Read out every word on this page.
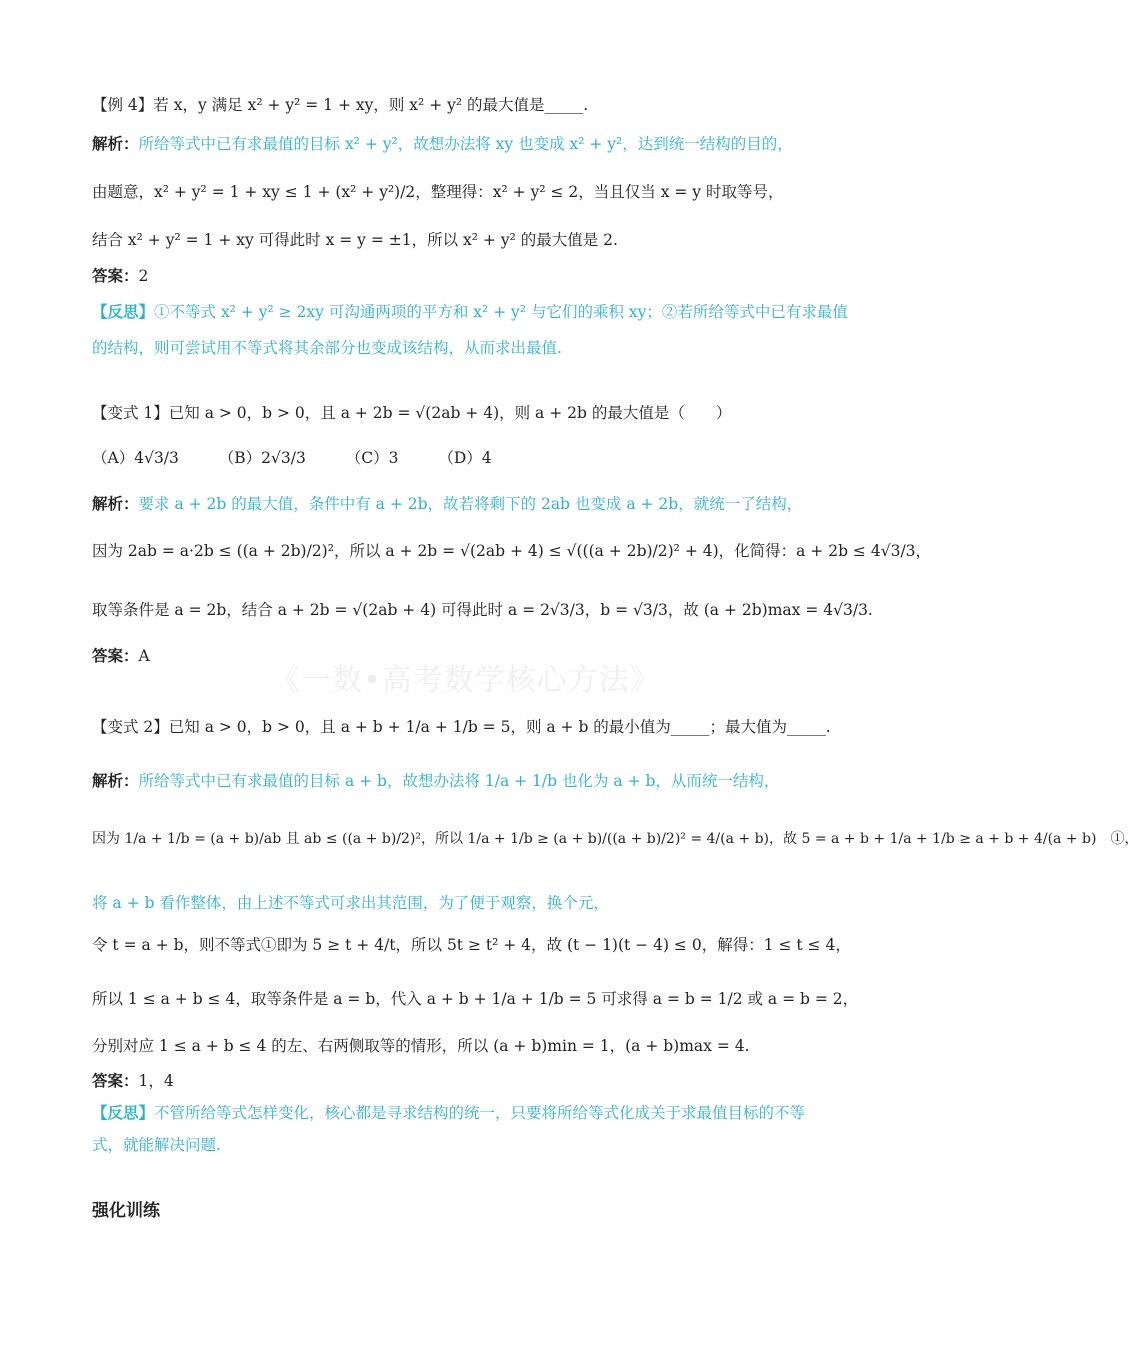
【例 4】若 x，y 满足 x² + y² = 1 + xy，则 x² + y² 的最大值是_____.
解析：所给等式中已有求最值的目标 x² + y²，故想办法将 xy 也变成 x² + y²，达到统一结构的目的，
由题意，x² + y² = 1 + xy ≤ 1 + (x² + y²)/2，整理得：x² + y² ≤ 2，当且仅当 x = y 时取等号，
结合 x² + y² = 1 + xy 可得此时 x = y = ±1，所以 x² + y² 的最大值是 2.
答案：2
【反思】①不等式 x² + y² ≥ 2xy 可沟通两项的平方和 x² + y² 与它们的乘积 xy；②若所给等式中已有求最值
的结构，则可尝试用不等式将其余部分也变成该结构，从而求出最值.
【变式 1】已知 a > 0，b > 0，且 a + 2b = √(2ab + 4)，则 a + 2b 的最大值是（　　）
（A）4√3/3	（B）2√3/3	（C）3	（D）4
解析：要求 a + 2b 的最大值，条件中有 a + 2b，故若将剩下的 2ab 也变成 a + 2b，就统一了结构，
因为 2ab = a·2b ≤ ((a + 2b)/2)²，所以 a + 2b = √(2ab + 4) ≤ √(((a + 2b)/2)² + 4)，化简得：a + 2b ≤ 4√3/3，
取等条件是 a = 2b，结合 a + 2b = √(2ab + 4) 可得此时 a = 2√3/3，b = √3/3，故 (a + 2b)max = 4√3/3.
答案：A
《一数•高考数学核心方法》
【变式 2】已知 a > 0，b > 0，且 a + b + 1/a + 1/b = 5，则 a + b 的最小值为_____；最大值为_____.
解析：所给等式中已有求最值的目标 a + b，故想办法将 1/a + 1/b 也化为 a + b，从而统一结构，
因为 1/a + 1/b = (a + b)/ab 且 ab ≤ ((a + b)/2)²，所以 1/a + 1/b ≥ (a + b)/((a + b)/2)² = 4/(a + b)，故 5 = a + b + 1/a + 1/b ≥ a + b + 4/(a + b)　①，
将 a + b 看作整体，由上述不等式可求出其范围，为了便于观察，换个元，
令 t = a + b，则不等式①即为 5 ≥ t + 4/t，所以 5t ≥ t² + 4，故 (t − 1)(t − 4) ≤ 0，解得：1 ≤ t ≤ 4，
所以 1 ≤ a + b ≤ 4，取等条件是 a = b，代入 a + b + 1/a + 1/b = 5 可求得 a = b = 1/2 或 a = b = 2，
分别对应 1 ≤ a + b ≤ 4 的左、右两侧取等的情形，所以 (a + b)min = 1，(a + b)max = 4.
答案：1，4
【反思】不管所给等式怎样变化，核心都是寻求结构的统一，只要将所给等式化成关于求最值目标的不等
式，就能解决问题.
强化训练
